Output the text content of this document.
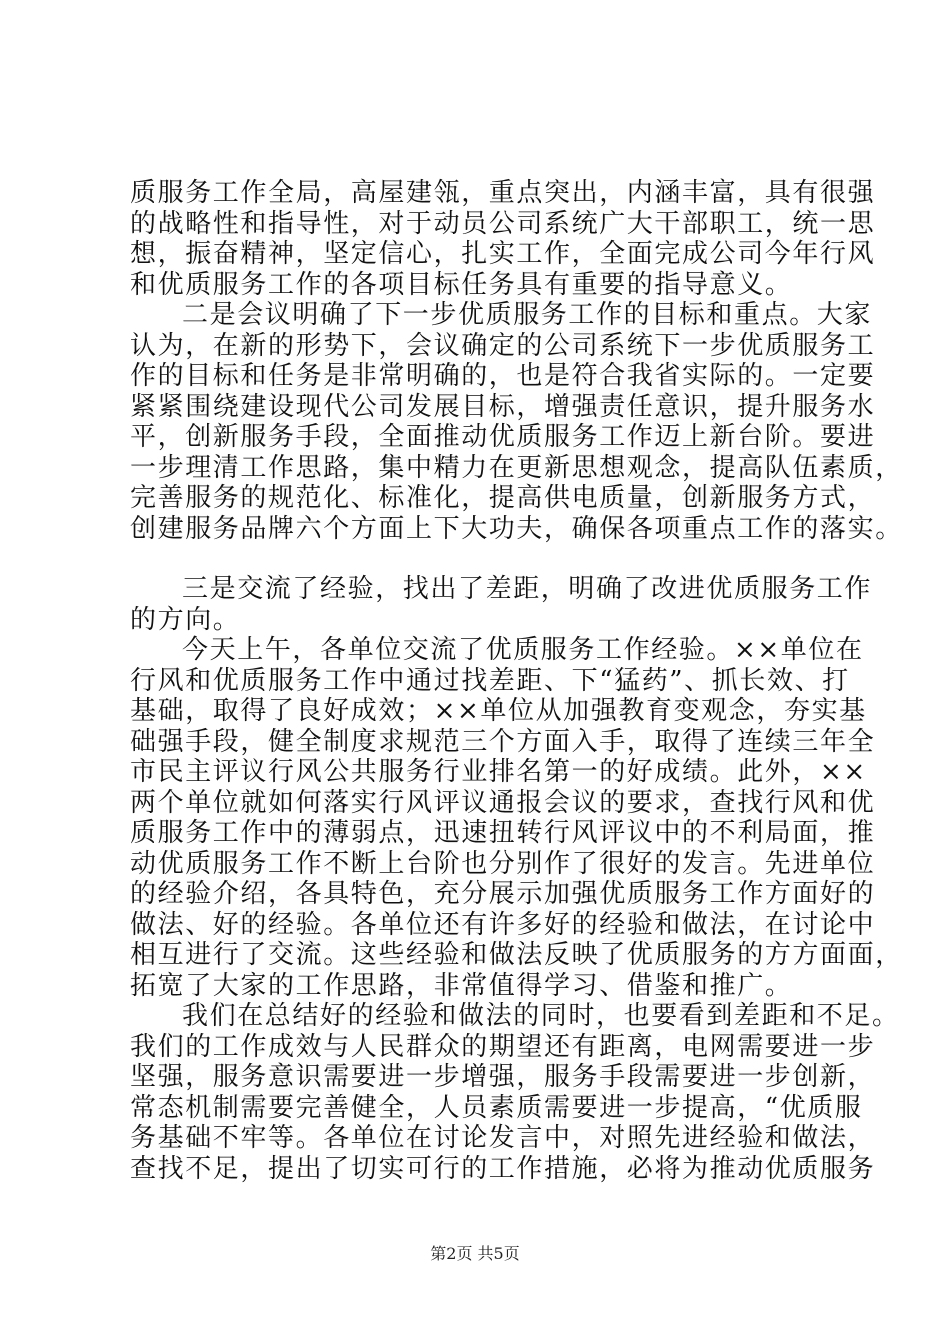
质服务工作全局，高屋建瓴，重点突出，内涵丰富，具有很强
的战略性和指导性，对于动员公司系统广大干部职工，统一思
想，振奋精神，坚定信心，扎实工作，全面完成公司今年行风
和优质服务工作的各项目标任务具有重要的指导意义。
二是会议明确了下一步优质服务工作的目标和重点。大家
认为，在新的形势下，会议确定的公司系统下一步优质服务工
作的目标和任务是非常明确的，也是符合我省实际的。一定要
紧紧围绕建设现代公司发展目标，增强责任意识，提升服务水
平，创新服务手段，全面推动优质服务工作迈上新台阶。要进
一步理清工作思路，集中精力在更新思想观念，提高队伍素质，
完善服务的规范化、标准化，提高供电质量，创新服务方式，
创建服务品牌六个方面上下大功夫，确保各项重点工作的落实。
三是交流了经验，找出了差距，明确了改进优质服务工作
的方向。
今天上午，各单位交流了优质服务工作经验。××单位在
行风和优质服务工作中通过找差距、下“猛药”、抓长效、打
基础，取得了良好成效；××单位从加强教育变观念，夯实基
础强手段，健全制度求规范三个方面入手，取得了连续三年全
市民主评议行风公共服务行业排名第一的好成绩。此外，××
两个单位就如何落实行风评议通报会议的要求，查找行风和优
质服务工作中的薄弱点，迅速扭转行风评议中的不利局面，推
动优质服务工作不断上台阶也分别作了很好的发言。先进单位
的经验介绍，各具特色，充分展示加强优质服务工作方面好的
做法、好的经验。各单位还有许多好的经验和做法，在讨论中
相互进行了交流。这些经验和做法反映了优质服务的方方面面，
拓宽了大家的工作思路，非常值得学习、借鉴和推广。
我们在总结好的经验和做法的同时，也要看到差距和不足。
我们的工作成效与人民群众的期望还有距离，电网需要进一步
坚强，服务意识需要进一步增强，服务手段需要进一步创新，
常态机制需要完善健全，人员素质需要进一步提高，“优质服
务基础不牢等。各单位在讨论发言中，对照先进经验和做法，
查找不足，提出了切实可行的工作措施，必将为推动优质服务
第2页 共5页
